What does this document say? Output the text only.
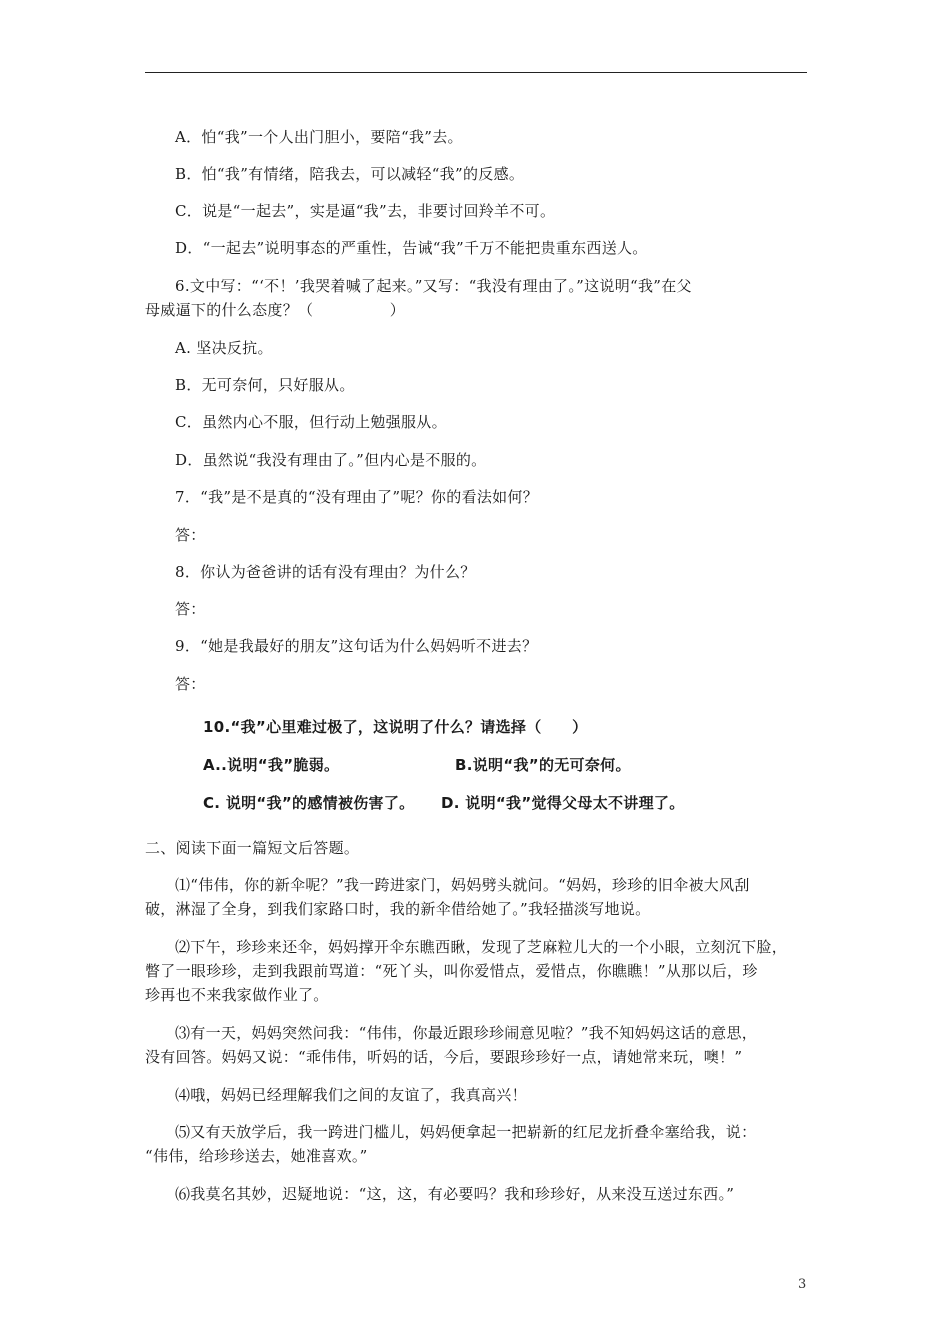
A．怕“我”一个人出门胆小，要陪“我”去。
B．怕“我”有情绪，陪我去，可以减轻“我”的反感。
C．说是“一起去”，实是逼“我”去，非要讨回羚羊不可。
D．“一起去”说明事态的严重性，告诫“我”千万不能把贵重东西送人。
6.文中写：“‘不！’我哭着喊了起来。”又写：“我没有理由了。”这说明“我”在父
母威逼下的什么态度？（　　　　　）
A. 坚决反抗。
B．无可奈何，只好服从。
C．虽然内心不服，但行动上勉强服从。
D．虽然说“我没有理由了。”但内心是不服的。
7．“我”是不是真的“没有理由了”呢？你的看法如何？
答：
8．你认为爸爸讲的话有没有理由？为什么？
答：
9．“她是我最好的朋友”这句话为什么妈妈听不进去？
答：
10.“我”心里难过极了，这说明了什么？请选择（　　）
A..说明“我”脆弱。	B.说明“我”的无可奈何。
C. 说明“我”的感情被伤害了。 D. 说明“我”觉得父母太不讲理了。
二、阅读下面一篇短文后答题。
⑴“伟伟，你的新伞呢？”我一跨进家门，妈妈劈头就问。“妈妈，珍珍的旧伞被大风刮
破，淋湿了全身，到我们家路口时，我的新伞借给她了。”我轻描淡写地说。
⑵下午，珍珍来还伞，妈妈撑开伞东瞧西瞅，发现了芝麻粒儿大的一个小眼，立刻沉下脸，
瞥了一眼珍珍，走到我跟前骂道：“死丫头，叫你爱惜点，爱惜点，你瞧瞧！”从那以后，珍
珍再也不来我家做作业了。
⑶有一天，妈妈突然问我：“伟伟，你最近跟珍珍闹意见啦？”我不知妈妈这话的意思，
没有回答。妈妈又说：“乖伟伟，听妈的话，今后，要跟珍珍好一点，请她常来玩，噢！”
⑷哦，妈妈已经理解我们之间的友谊了，我真高兴！
⑸又有天放学后，我一跨进门槛儿，妈妈便拿起一把崭新的红尼龙折叠伞塞给我，说：
“伟伟，给珍珍送去，她准喜欢。”
⑹我莫名其妙，迟疑地说：“这，这，有必要吗？我和珍珍好，从来没互送过东西。”
3
